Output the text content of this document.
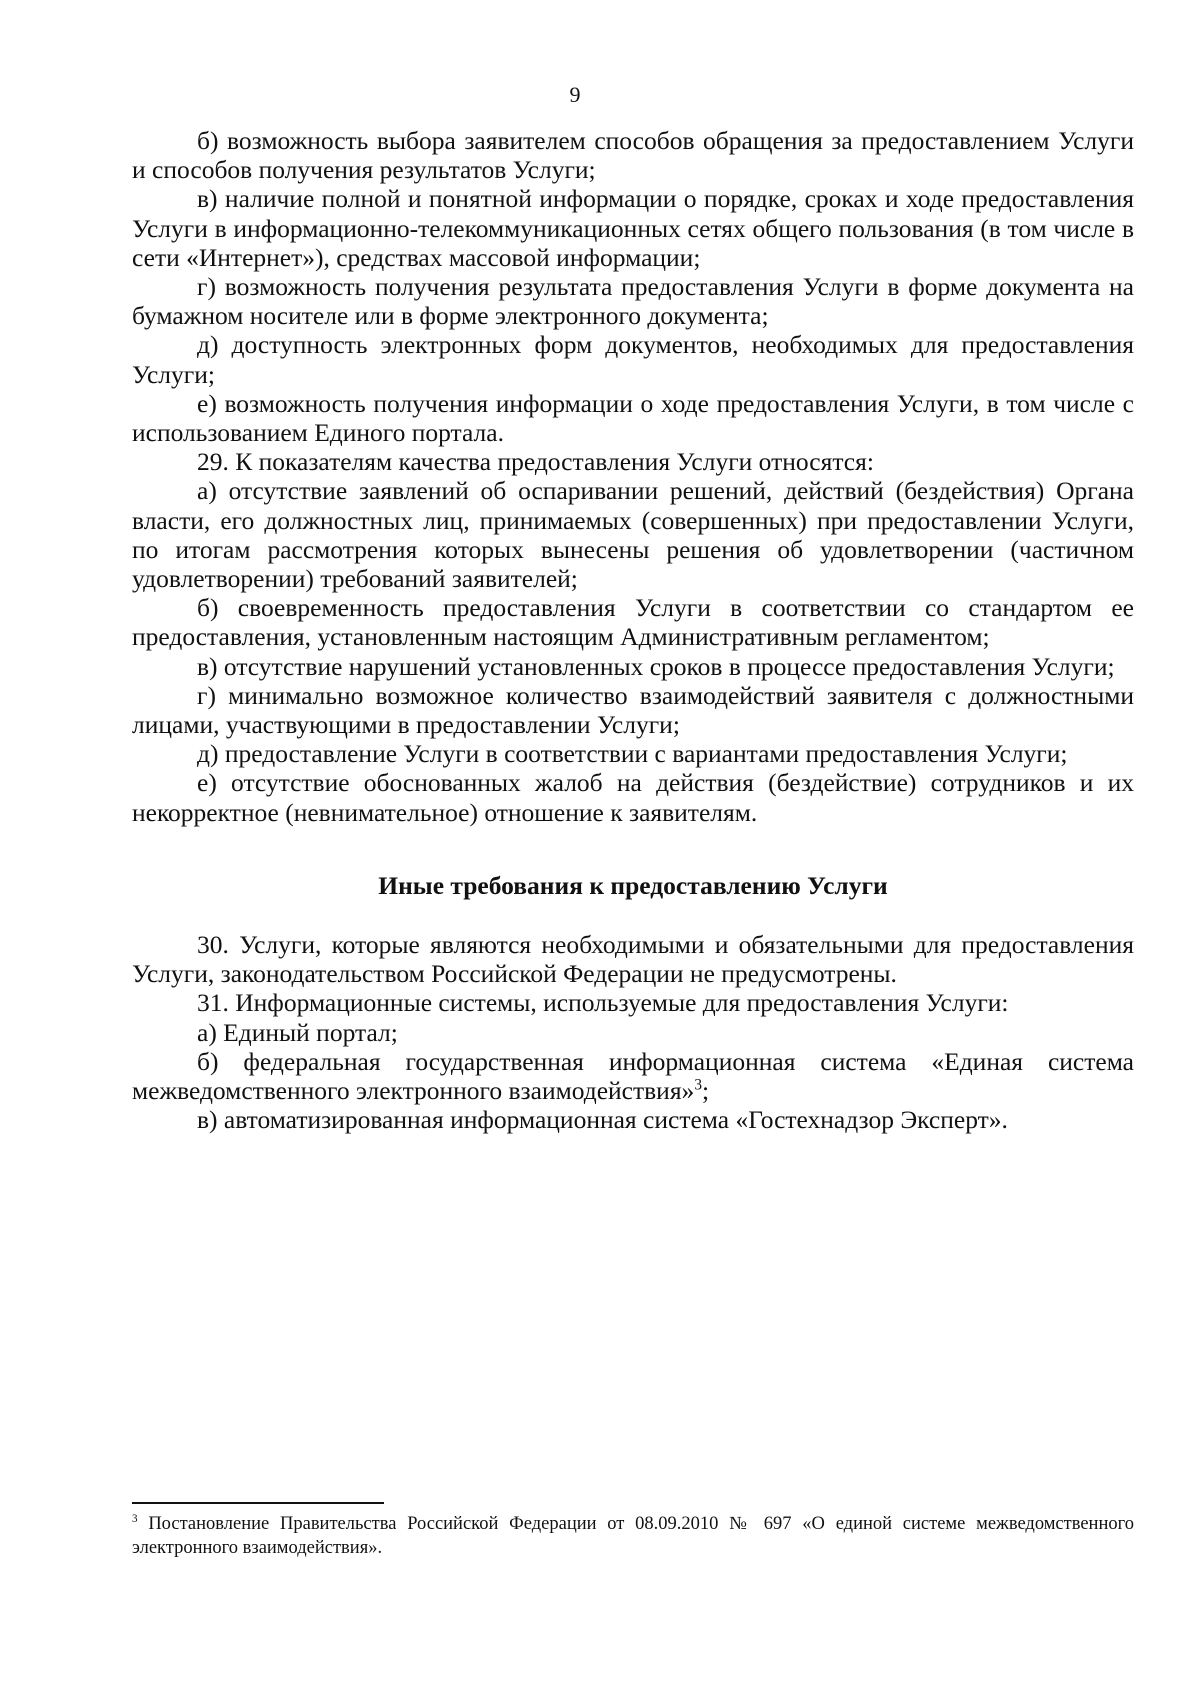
9

б) возможность выбора заявителем способов обращения за предоставлением Услуги и способов получения результатов Услуги;

в) наличие полной и понятной информации о порядке, сроках и ходе предоставления Услуги в информационно-телекоммуникационных сетях общего пользования (в том числе в сети «Интернет»), средствах массовой информации;

г) возможность получения результата предоставления Услуги в форме документа на бумажном носителе или в форме электронного документа;

д) доступность электронных форм документов, необходимых для предоставления Услуги;

е) возможность получения информации о ходе предоставления Услуги, в том числе с использованием Единого портала.

29. К показателям качества предоставления Услуги относятся:

а) отсутствие заявлений об оспаривании решений, действий (бездействия) Органа власти, его должностных лиц, принимаемых (совершенных) при предоставлении Услуги, по итогам рассмотрения которых вынесены решения об удовлетворении (частичном удовлетворении) требований заявителей;

б) своевременность предоставления Услуги в соответствии со стандартом ее предоставления, установленным настоящим Административным регламентом;

в) отсутствие нарушений установленных сроков в процессе предоставления Услуги;

г) минимально возможное количество взаимодействий заявителя с должностными лицами, участвующими в предоставлении Услуги;

д) предоставление Услуги в соответствии с вариантами предоставления Услуги;

е) отсутствие обоснованных жалоб на действия (бездействие) сотрудников и их некорректное (невнимательное) отношение к заявителям.

Иные требования к предоставлению Услуги

30. Услуги, которые являются необходимыми и обязательными для предоставления Услуги, законодательством Российской Федерации не предусмотрены.

31. Информационные системы, используемые для предоставления Услуги:

а) Единый портал;

б) федеральная государственная информационная система «Единая система межведомственного электронного взаимодействия»$^3$;

в) автоматизированная информационная система «Гостехнадзор Эксперт».

$^3$ Постановление Правительства Российской Федерации от 08.09.2010 № 697 «О единой системе межведомственного электронного взаимодействия».
